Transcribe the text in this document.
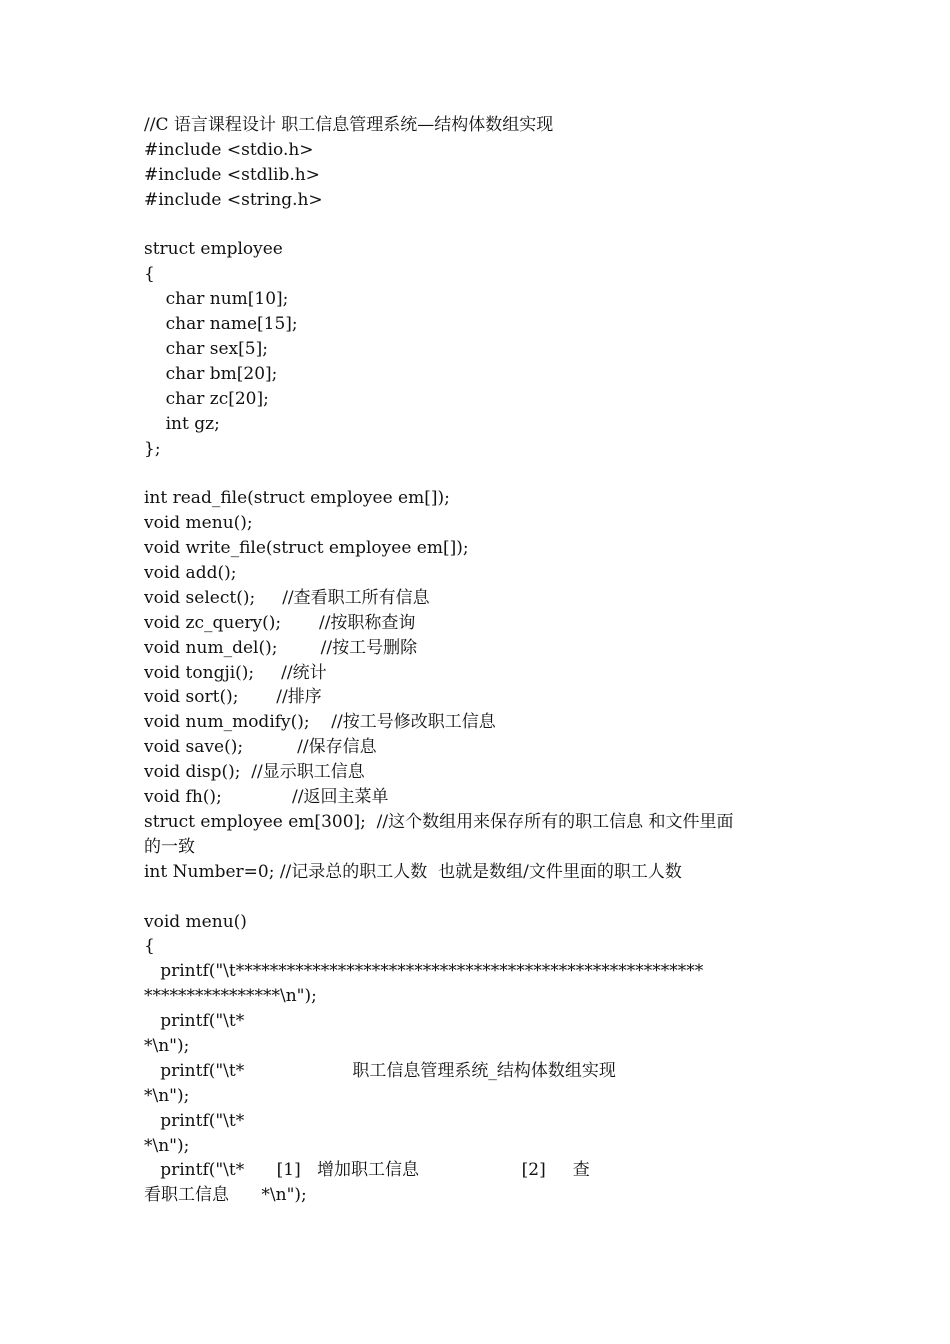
//C 语言课程设计 职工信息管理系统—结构体数组实现
#include <stdio.h>
#include <stdlib.h>
#include <string.h>
struct employee
{
char num[10];
char name[15];
char sex[5];
char bm[20];
char zc[20];
int gz;
};
int read_file(struct employee em[]);
void menu();
void write_file(struct employee em[]);
void add();
void select();     //查看职工所有信息
void zc_query();       //按职称查询
void num_del();        //按工号删除
void tongji();     //统计
void sort();       //排序
void num_modify();    //按工号修改职工信息
void save();          //保存信息
void disp();  //显示职工信息
void fh();             //返回主菜单
struct employee em[300];  //这个数组用来保存所有的职工信息 和文件里面
的一致
int Number=0; //记录总的职工人数  也就是数组/文件里面的职工人数
void menu()
{
printf("\t*******************************************************
****************\n");
printf("\t*
*\n");
printf("\t*                    职工信息管理系统_结构体数组实现
*\n");
printf("\t*
*\n");
printf("\t*      [1]   增加职工信息                   [2]     查
看职工信息      *\n");
